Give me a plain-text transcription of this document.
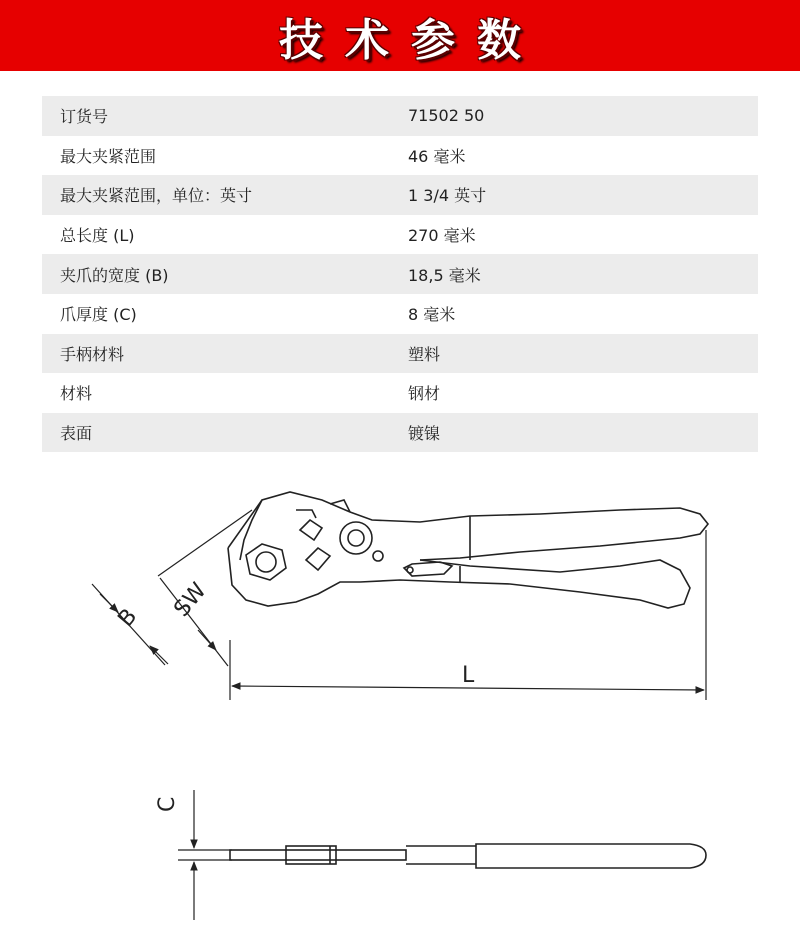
技术参数
订货号	71502 50
最大夹紧范围	46 毫米
最大夹紧范围，单位：英寸	1 3/4 英寸
总长度 (L)	270 毫米
夹爪的宽度 (B)	18,5 毫米
爪厚度 (C)	8 毫米
手柄材料	塑料
材料	钢材
表面	镀镍
B SW
L
C
